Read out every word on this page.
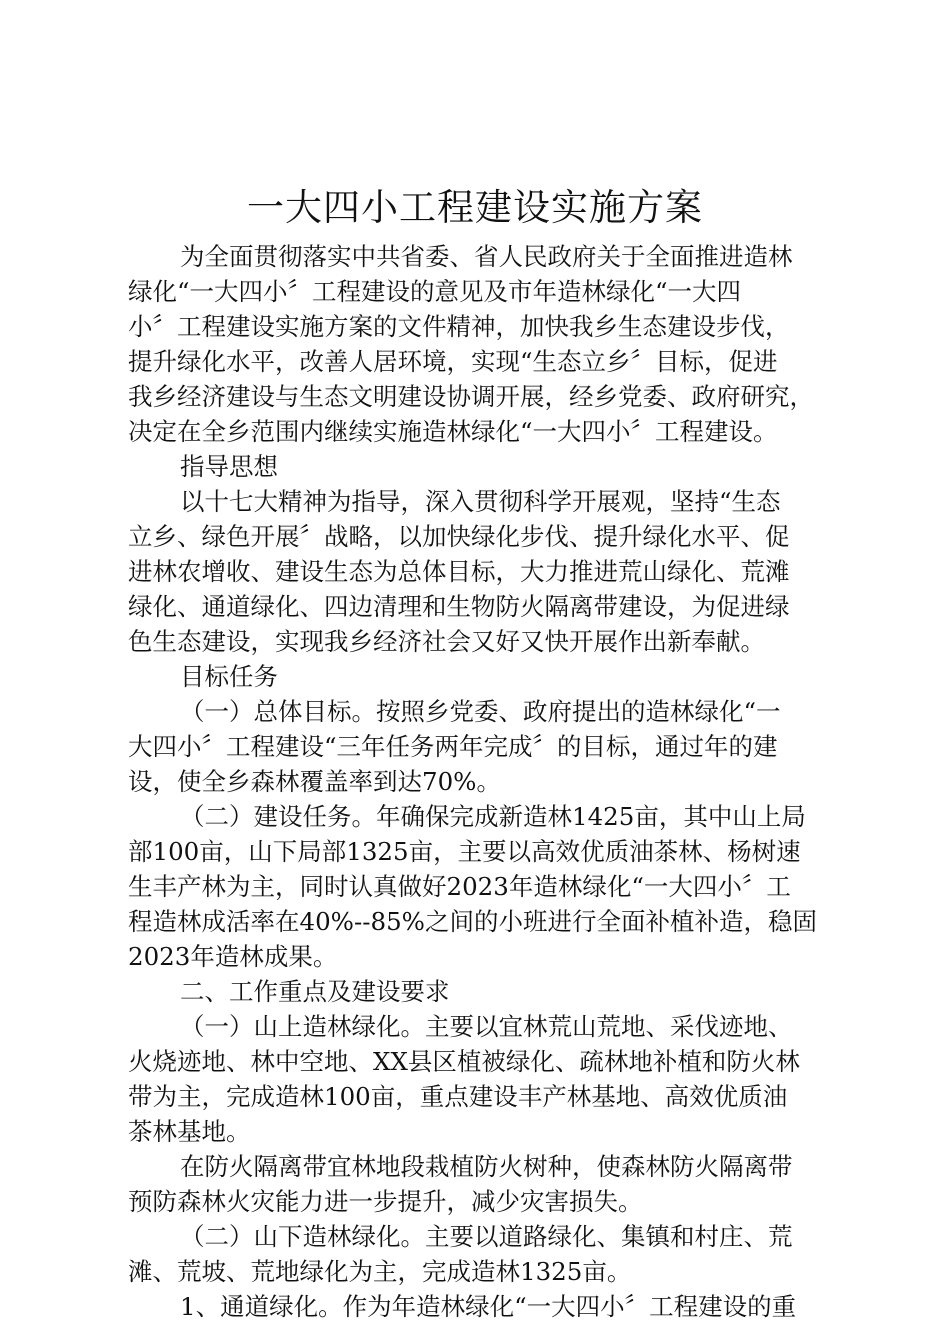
一大四小工程建设实施方案
为全面贯彻落实中共省委、省人民政府关于全面推进造林
绿化“一大四小〞工程建设的意见及市年造林绿化“一大四
小〞工程建设实施方案的文件精神，加快我乡生态建设步伐，
提升绿化水平，改善人居环境，实现“生态立乡〞目标，促进
我乡经济建设与生态文明建设协调开展，经乡党委、政府研究，
决定在全乡范围内继续实施造林绿化“一大四小〞工程建设。
指导思想
以十七大精神为指导，深入贯彻科学开展观，坚持“生态
立乡、绿色开展〞战略，以加快绿化步伐、提升绿化水平、促
进林农增收、建设生态为总体目标，大力推进荒山绿化、荒滩
绿化、通道绿化、四边清理和生物防火隔离带建设，为促进绿
色生态建设，实现我乡经济社会又好又快开展作出新奉献。
目标任务
（一）总体目标。按照乡党委、政府提出的造林绿化“一
大四小〞工程建设“三年任务两年完成〞的目标，通过年的建
设，使全乡森林覆盖率到达70%。
（二）建设任务。年确保完成新造林1425亩，其中山上局
部100亩，山下局部1325亩，主要以高效优质油茶林、杨树速
生丰产林为主，同时认真做好2023年造林绿化“一大四小〞工
程造林成活率在40%--85%之间的小班进行全面补植补造，稳固
2023年造林成果。
二、工作重点及建设要求
（一）山上造林绿化。主要以宜林荒山荒地、采伐迹地、
火烧迹地、林中空地、XX县区植被绿化、疏林地补植和防火林
带为主，完成造林100亩，重点建设丰产林基地、高效优质油
茶林基地。
在防火隔离带宜林地段栽植防火树种，使森林防火隔离带
预防森林火灾能力进一步提升，减少灾害损失。
（二）山下造林绿化。主要以道路绿化、集镇和村庄、荒
滩、荒坡、荒地绿化为主，完成造林1325亩。
1、通道绿化。作为年造林绿化“一大四小〞工程建设的重
